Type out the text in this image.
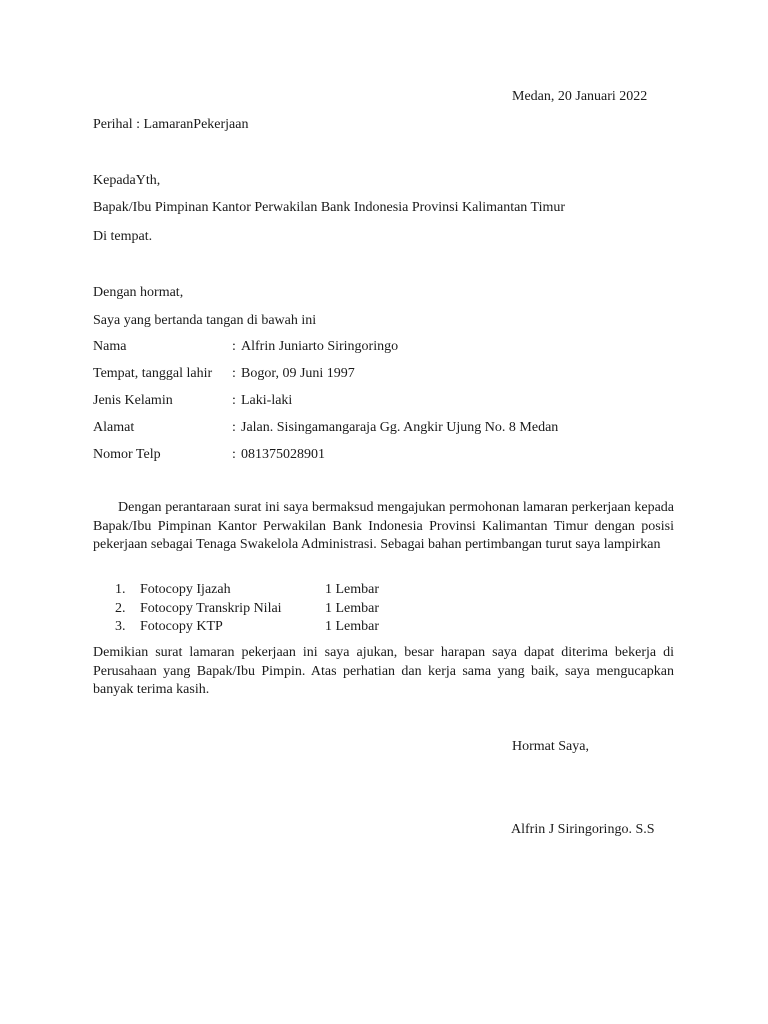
Medan, 20 Januari 2022
Perihal : LamaranPekerjaan
KepadaYth,
Bapak/Ibu Pimpinan Kantor Perwakilan Bank Indonesia Provinsi Kalimantan Timur
Di tempat.
Dengan hormat,
Saya yang bertanda tangan di bawah ini
Nama	: Alfrin Juniarto Siringoringo
Tempat, tanggal lahir : Bogor, 09 Juni 1997
Jenis Kelamin	: Laki-laki
Alamat	: Jalan. Sisingamangaraja Gg. Angkir Ujung No. 8 Medan
Nomor Telp	: 081375028901
Dengan perantaraan surat ini saya bermaksud mengajukan permohonan lamaran perkerjaan kepada Bapak/Ibu Pimpinan Kantor Perwakilan Bank Indonesia Provinsi Kalimantan Timur dengan posisi pekerjaan sebagai Tenaga Swakelola Administrasi. Sebagai bahan pertimbangan turut saya lampirkan
1. Fotocopy Ijazah	1 Lembar
2. Fotocopy Transkrip Nilai	1 Lembar
3. Fotocopy KTP	1 Lembar
Demikian surat lamaran pekerjaan ini saya ajukan, besar harapan saya dapat diterima bekerja di Perusahaan yang Bapak/Ibu Pimpin. Atas perhatian dan kerja sama yang baik, saya mengucapkan banyak terima kasih.
Hormat Saya,
Alfrin J Siringoringo. S.S
